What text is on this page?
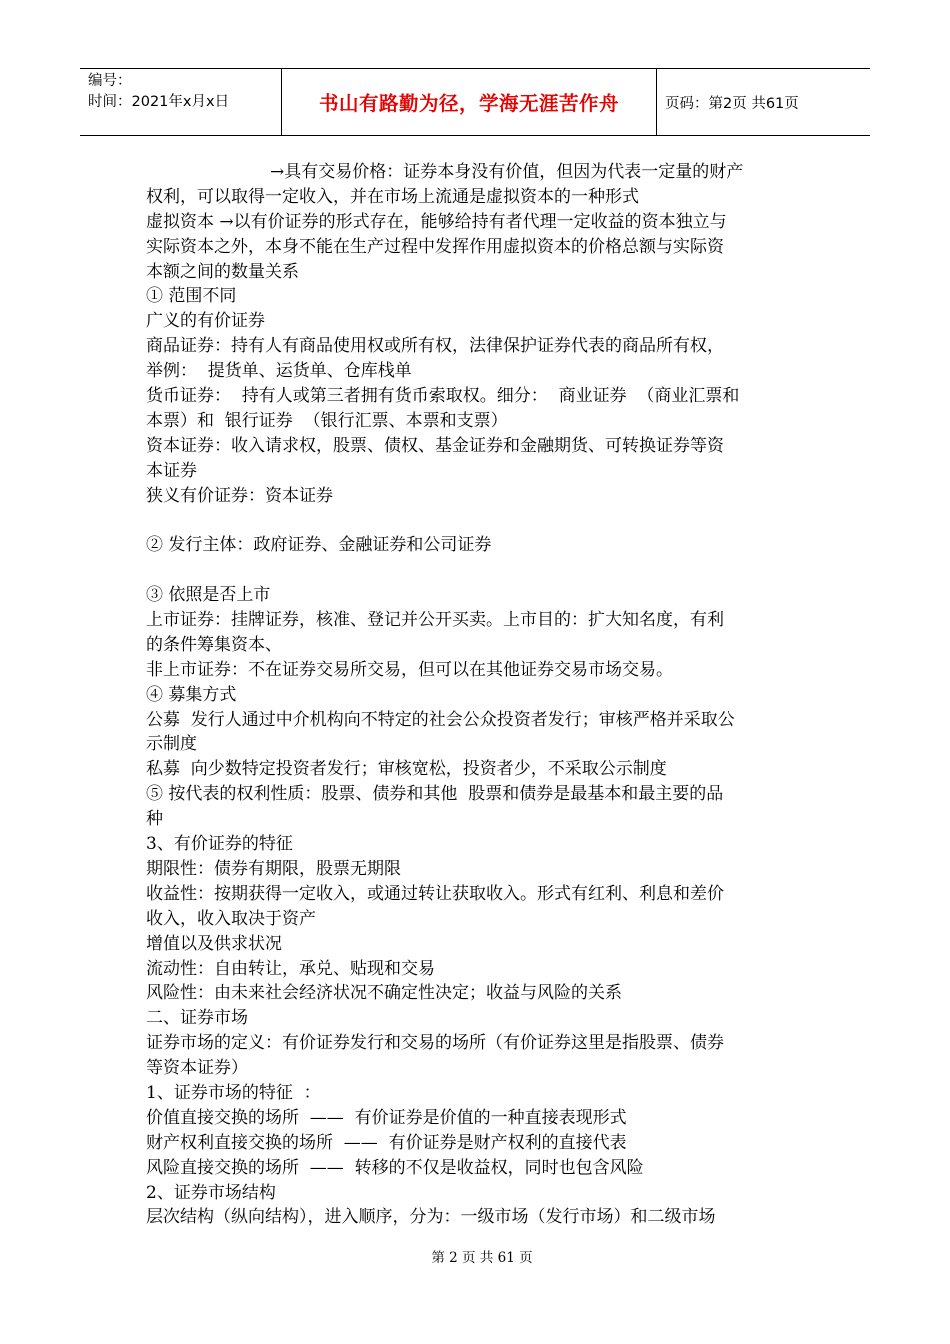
编号：
时间：2021年x月x日	书山有路勤为径，学海无涯苦作舟	页码：第2页 共61页
→具有交易价格：证券本身没有价值，但因为代表一定量的财产
权利，可以取得一定收入，并在市场上流通是虚拟资本的一种形式
虚拟资本 →以有价证券的形式存在，能够给持有者代理一定收益的资本独立与
实际资本之外，本身不能在生产过程中发挥作用虚拟资本的价格总额与实际资
本额之间的数量关系
① 范围不同
广义的有价证券
商品证券：持有人有商品使用权或所有权，法律保护证券代表的商品所有权，
举例：  提货单、运货单、仓库栈单
货币证券：  持有人或第三者拥有货币索取权。细分：  商业证券  （商业汇票和
本票）和  银行证券  （银行汇票、本票和支票）
资本证券：收入请求权，股票、债权、基金证券和金融期货、可转换证券等资
本证券
狭义有价证券：资本证券
② 发行主体：政府证券、金融证券和公司证券
③ 依照是否上市
上市证券：挂牌证券，核准、登记并公开买卖。上市目的：扩大知名度，有利
的条件筹集资本、
非上市证券：不在证券交易所交易，但可以在其他证券交易市场交易。
④ 募集方式
公募  发行人通过中介机构向不特定的社会公众投资者发行；审核严格并采取公
示制度
私募  向少数特定投资者发行；审核宽松，投资者少，不采取公示制度
⑤ 按代表的权利性质：股票、债券和其他  股票和债券是最基本和最主要的品
种
3、有价证券的特征
期限性：债券有期限，股票无期限
收益性：按期获得一定收入，或通过转让获取收入。形式有红利、利息和差价
收入，收入取决于资产
增值以及供求状况
流动性：自由转让，承兑、贴现和交易
风险性：由未来社会经济状况不确定性决定；收益与风险的关系
二、证券市场
证券市场的定义：有价证券发行和交易的场所（有价证券这里是指股票、债券
等资本证券）
1、证券市场的特征  ：
价值直接交换的场所  ——  有价证券是价值的一种直接表现形式
财产权利直接交换的场所  ——  有价证券是财产权利的直接代表
风险直接交换的场所  ——  转移的不仅是收益权，同时也包含风险
2、证券市场结构
层次结构（纵向结构），进入顺序，分为：一级市场（发行市场）和二级市场
第 2 页 共 61 页
